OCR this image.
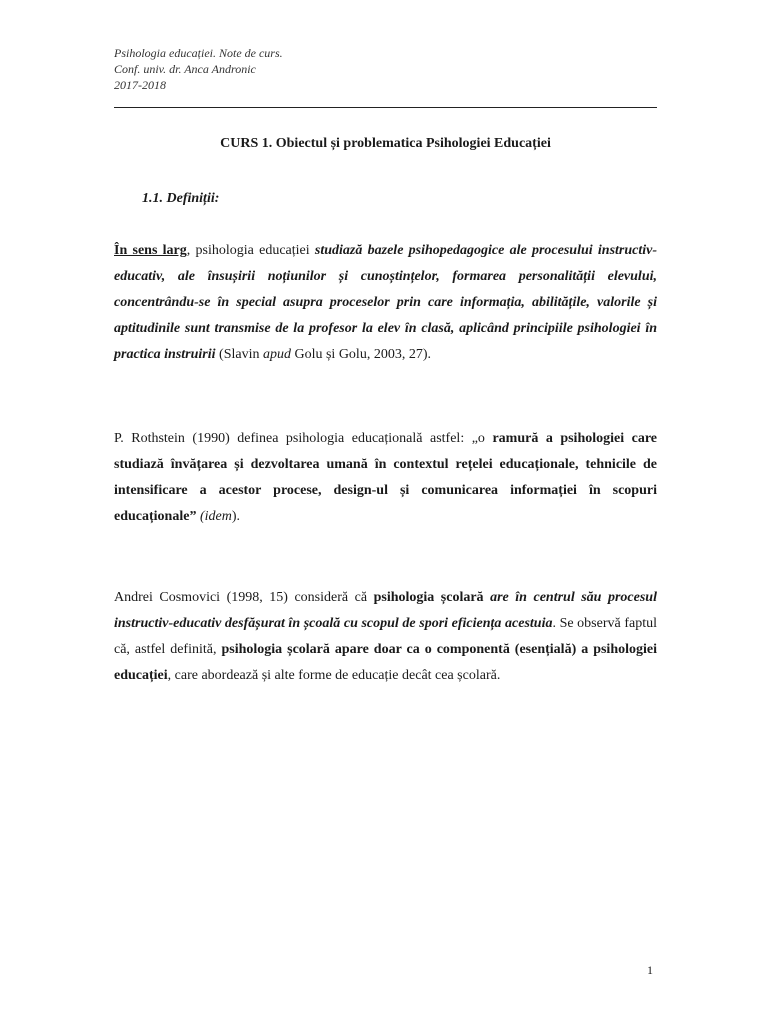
Psihologia educației. Note de curs.
Conf. univ. dr. Anca Andronic
2017-2018
CURS 1. Obiectul și problematica Psihologiei Educației
1.1. Definiții:
În sens larg, psihologia educației studiază bazele psihopedagogice ale procesului instructiv-educativ, ale însușirii noțiunilor și cunoștințelor, formarea personalității elevului, concentrându-se în special asupra proceselor prin care informația, abilitățile, valorile și aptitudinile sunt transmise de la profesor la elev în clasă, aplicând principiile psihologiei în practica instruirii (Slavin apud Golu și Golu, 2003, 27).
P. Rothstein (1990) definea psihologia educațională astfel: „o ramură a psihologiei care studiază învățarea și dezvoltarea umană în contextul rețelei educaționale, tehnicile de intensificare a acestor procese, design-ul și comunicarea informației în scopuri educaționale” (idem).
Andrei Cosmovici (1998, 15) consideră că psihologia școlară are în centrul său procesul instructiv-educativ desfășurat în școală cu scopul de spori eficiența acestuia. Se observă faptul că, astfel definită, psihologia școlară apare doar ca o componentă (esențială) a psihologiei educației, care abordează și alte forme de educație decât cea școlară.
1
